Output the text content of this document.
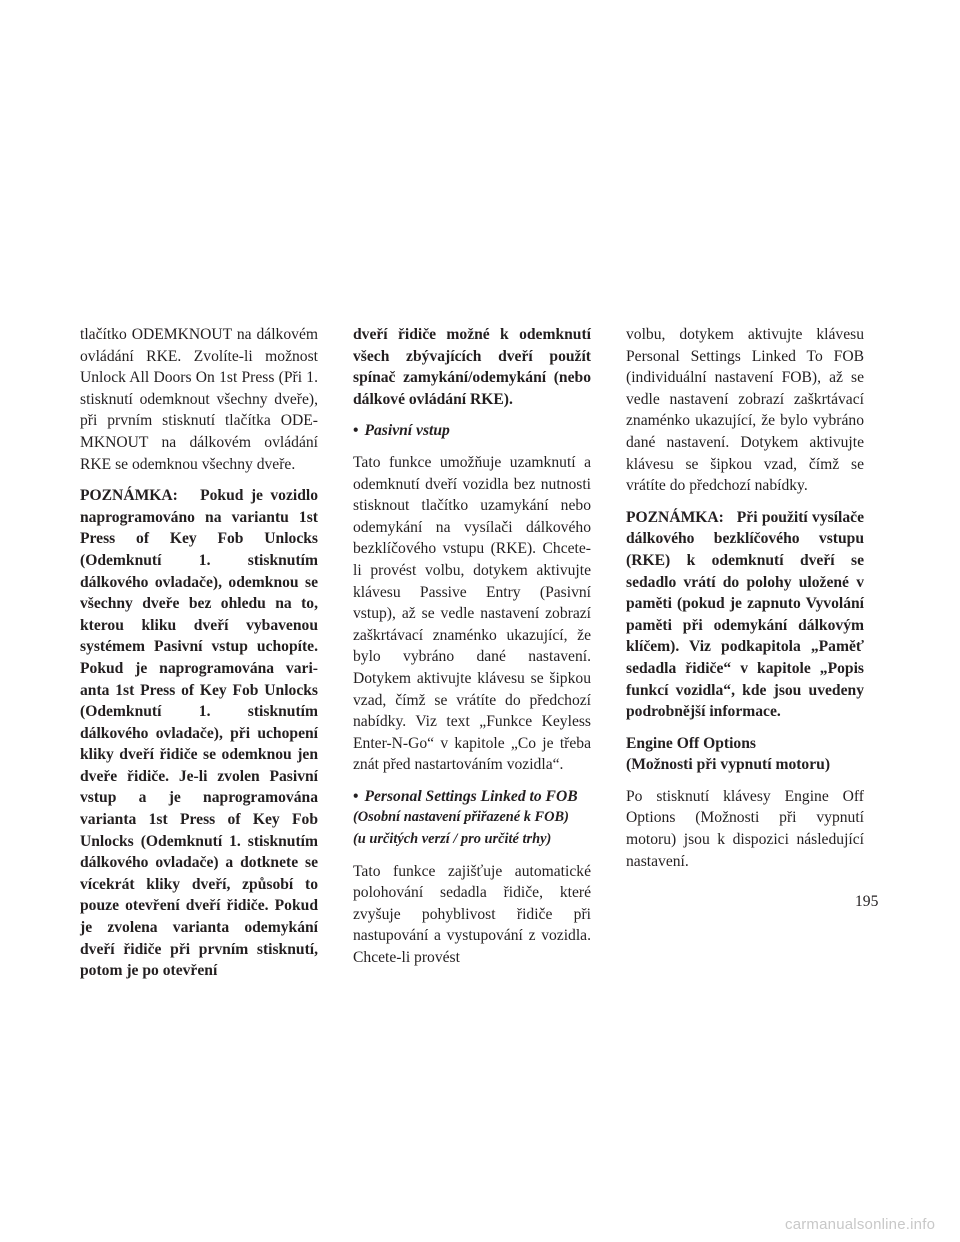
tlačítko ODEMKNOUT na dálkovém ovládání RKE. Zvolíte-li možnost Unlock All Doors On 1st Press (Při 1. stisknutí odemknout všechny dveře), při prvním stisknutí tlačítka ODEMKNOUT na dálkovém ovládání RKE se odemknou všechny dveře.

POZNÁMKA: Pokud je vozidlo naprogramováno na variantu 1st Press of Key Fob Unlocks (Odemknutí 1. stisknutím dálkového ovladače), odemknou se všechny dveře bez ohledu na to, kterou kliku dveří vybavenou systémem Pasivní vstup uchopíte. Pokud je naprogramována varianta 1st Press of Key Fob Unlocks (Odemknutí 1. stisknutím dálkového ovladače), při uchopení kliky dveří řidiče se odemknou jen dveře řidiče. Je-li zvolen Pasivní vstup a je naprogramována varianta 1st Press of Key Fob Unlocks (Odemknutí 1. stisknutím dálkového ovladače) a dotknete se vícekrát kliky dveří, způsobí to pouze otevření dveří řidiče. Pokud je zvolena varianta odemykání dveří řidiče při prvním stisknutí, potom je po otevření

dveří řidiče možné k odemknutí všech zbývajících dveří použít spínač zamykání/odemykání (nebo dálkové ovládání RKE).

• Pasivní vstup

Tato funkce umožňuje uzamknutí a odemknutí dveří vozidla bez nutnosti stisknout tlačítko uzamykání nebo odemykání na vysílači dálkového bezklíčového vstupu (RKE). Chcete-li provést volbu, dotykem aktivujte klávesu Passive Entry (Pasivní vstup), až se vedle nastavení zobrazí zaškrtávací znaménko ukazující, že bylo vybráno dané nastavení. Dotykem aktivujte klávesu se šipkou vzad, čímž se vrátíte do předchozí nabídky. Viz text „Funkce Keyless Enter-N-Go“ v kapitole „Co je třeba znát před nastartováním vozidla“.

• Personal Settings Linked to FOB
(Osobní nastavení přiřazené k FOB)
(u určitých verzí / pro určité trhy)

Tato funkce zajišťuje automatické polohování sedadla řidiče, které zvyšuje pohyblivost řidiče při nastupování a vystupování z vozidla. Chcete-li provést

volbu, dotykem aktivujte klávesu Personal Settings Linked To FOB (individuální nastavení FOB), až se vedle nastavení zobrazí zaškrtávací znaménko ukazující, že bylo vybráno dané nastavení. Dotykem aktivujte klávesu se šipkou vzad, čímž se vrátíte do předchozí nabídky.

POZNÁMKA: Při použití vysílače dálkového bezklíčového vstupu (RKE) k odemknutí dveří se sedadlo vrátí do polohy uložené v paměti (pokud je zapnuto Vyvolání paměti při odemykání dálkovým klíčem). Viz podkapitola „Paměť sedadla řidiče“ v kapitole „Popis funkcí vozidla“, kde jsou uvedeny podrobnější informace.

Engine Off Options
(Možnosti při vypnutí motoru)

Po stisknutí klávesy Engine Off Options (Možnosti při vypnutí motoru) jsou k dispozici následující nastavení.

195
carmanualsonline.info
